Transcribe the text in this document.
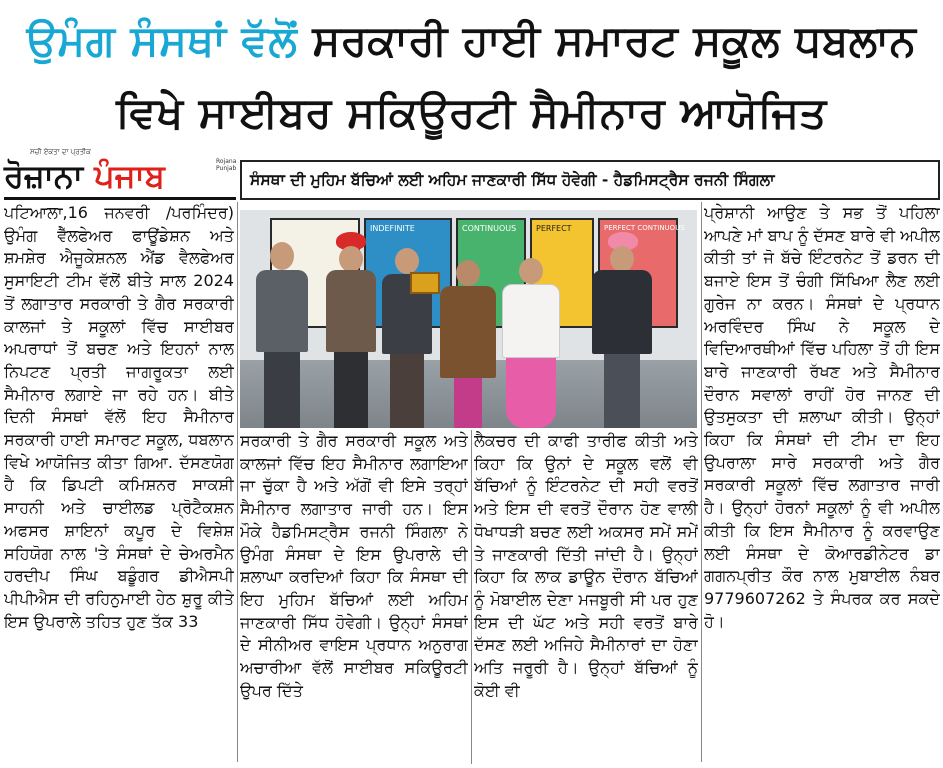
ਉਮੰਗ ਸੰਸਥਾਂ ਵੱਲੋਂ ਸਰਕਾਰੀ ਹਾਈ ਸਮਾਰਟ ਸਕੂਲ ਧਬਲਾਨ
ਵਿਖੇ ਸਾਈਬਰ ਸਕਿਊਰਟੀ ਸੈਮੀਨਾਰ ਆਯੋਜਿਤ
ਸਚੀ ਏਕਤਾ ਦਾ ਪ੍ਰਤੀਕ
ਰੋਜ਼ਾਨਾ ਪੰਜਾਬ	Rojana Punjab
ਸੰਸਥਾ ਦੀ ਮੁਹਿਮ ਬੱਚਿਆਂ ਲਈ ਅਹਿਮ ਜਾਣਕਾਰੀ ਸਿੱਧ ਹੋਵੇਗੀ - ਹੈਡਮਿਸਟ੍ਰੈਸ ਰਜਨੀ ਸਿੰਗਲਾ
INDEFINITE	CONTINUOUS PERFECT	PERFECT CONTINUOUS
ਪਟਿਆਲਾ,16 ਜਨਵਰੀ /ਪਰਮਿੰਦਰ) ਉਮੰਗ ਵੈੱਲਫੇਅਰ ਫਾਊਂਡੇਸ਼ਨ ਅਤੇ ਸ਼ਮਸ਼ੇਰ ਐਜੂਕੇਸ਼ਨਲ ਐਂਡ ਵੈਲਫੇਅਰ ਸੁਸਾਇਟੀ ਟੀਮ ਵੱਲੋਂ ਬੀਤੇ ਸਾਲ 2024 ਤੋਂ ਲਗਾਤਾਰ ਸਰਕਾਰੀ ਤੇ ਗੈਰ ਸਰਕਾਰੀ ਕਾਲਜਾਂ ਤੇ ਸਕੂਲਾਂ ਵਿੱਚ ਸਾਈਬਰ ਅਪਰਾਧਾਂ ਤੋਂ ਬਚਣ ਅਤੇ ਇਹਨਾਂ ਨਾਲ ਨਿਪਟਣ ਪ੍ਰਤੀ ਜਾਗਰੂਕਤਾ ਲਈ ਸੈਮੀਨਾਰ ਲਗਾਏ ਜਾ ਰਹੇ ਹਨ। ਬੀਤੇ ਦਿਨੀ ਸੰਸਥਾਂ ਵੱਲੋਂ ਇਹ ਸੈਮੀਨਾਰ ਸਰਕਾਰੀ ਹਾਈ ਸਮਾਰਟ ਸਕੂਲ, ਧਬਲਾਨ ਵਿਖੇ ਆਯੋਜਿਤ ਕੀਤਾ ਗਿਆ. ਦੱਸਣਯੋਗ ਹੈ ਕਿ ਡਿਪਟੀ ਕਮਿਸ਼ਨਰ ਸਾਕਸ਼ੀ ਸਾਹਨੀ ਅਤੇ ਚਾਈਲਡ ਪ੍ਰੋਟੈਕਸ਼ਨ ਅਫਸਰ ਸ਼ਾਇਨਾਂ ਕਪੂਰ ਦੇ ਵਿਸ਼ੇਸ਼ ਸਹਿਯੋਗ ਨਾਲ 'ਤੇ ਸੰਸਥਾਂ ਦੇ ਚੇਅਰਮੈਨ ਹਰਦੀਪ ਸਿੰਘ ਬਡੂੰਗਰ ਡੀਐਸਪੀ ਪੀਪੀਐਸ ਦੀ ਰਹਿਨੁਮਾਈ ਹੇਠ ਸ਼ੁਰੂ ਕੀਤੇ ਇਸ ਉਪਰਾਲੇ ਤਹਿਤ ਹੁਣ ਤੱਕ 33
ਸਰਕਾਰੀ ਤੇ ਗੈਰ ਸਰਕਾਰੀ ਸਕੂਲ ਅਤੇ ਕਾਲਜਾਂ ਵਿੱਚ ਇਹ ਸੈਮੀਨਾਰ ਲਗਾਇਆ ਜਾ ਚੁੱਕਾ ਹੈ ਅਤੇ ਅੱਗੋਂ ਵੀ ਇਸੇ ਤਰ੍ਹਾਂ ਸੈਮੀਨਾਰ ਲਗਾਤਾਰ ਜਾਰੀ ਹਨ। ਇਸ ਮੌਕੇ ਹੈਡਮਿਸਟ੍ਰੈਸ ਰਜਨੀ ਸਿੰਗਲਾ ਨੇ ਉਮੰਗ ਸੰਸਥਾ ਦੇ ਇਸ ਉਪਰਾਲੇ ਦੀ ਸ਼ਲਾਘਾ ਕਰਦਿਆਂ ਕਿਹਾ ਕਿ ਸੰਸਥਾ ਦੀ ਇਹ ਮੁਹਿਮ ਬੱਚਿਆਂ ਲਈ ਅਹਿਮ ਜਾਣਕਾਰੀ ਸਿੱਧ ਹੋਵੇਗੀ। ਉਨ੍ਹਾਂ ਸੰਸਥਾਂ ਦੇ ਸੀਨੀਅਰ ਵਾਇਸ ਪ੍ਰਧਾਨ ਅਨੁਰਾਗ ਅਚਾਰੀਆ ਵੱਲੋਂ ਸਾਈਬਰ ਸਕਿਊਰਟੀ ਉਪਰ ਦਿੱਤੇ
ਲੈਕਚਰ ਦੀ ਕਾਫੀ ਤਾਰੀਫ ਕੀਤੀ ਅਤੇ ਕਿਹਾ ਕਿ ਉਨਾਂ ਦੇ ਸਕੂਲ ਵਲੋਂ ਵੀ ਬੱਚਿਆਂ ਨੂੰ ਇੰਟਰਨੇਟ ਦੀ ਸਹੀ ਵਰਤੋਂ ਅਤੇ ਇਸ ਦੀ ਵਰਤੋਂ ਦੌਰਾਨ ਹੋਣ ਵਾਲੀ ਧੋਖਾਧੜੀ ਬਚਣ ਲਈ ਅਕਸਰ ਸਮੇਂ ਸਮੇਂ ਤੇ ਜਾਣਕਾਰੀ ਦਿੱਤੀ ਜਾਂਦੀ ਹੈ। ਉਨ੍ਹਾਂ ਕਿਹਾ ਕਿ ਲਾਕ ਡਾਊਨ ਦੌਰਾਨ ਬੱਚਿਆਂ ਨੂੰ ਮੋਬਾਈਲ ਦੇਣਾ ਮਜਬੂਰੀ ਸੀ ਪਰ ਹੁਣ ਇਸ ਦੀ ਘੱਟ ਅਤੇ ਸਹੀ ਵਰਤੋਂ ਬਾਰੇ ਦੱਸਣ ਲਈ ਅਜਿਹੇ ਸੈਮੀਨਾਰਾਂ ਦਾ ਹੋਣਾ ਅਤਿ ਜਰੂਰੀ ਹੈ। ਉਨ੍ਹਾਂ ਬੱਚਿਆਂ ਨੂੰ ਕੋਈ ਵੀ
ਪ੍ਰੇਸ਼ਾਨੀ ਆਉਣ ਤੇ ਸਭ ਤੋਂ ਪਹਿਲਾ ਆਪਣੇ ਮਾਂ ਬਾਪ ਨੂੰ ਦੱਸਣ ਬਾਰੇ ਵੀ ਅਪੀਲ ਕੀਤੀ ਤਾਂ ਜੋ ਬੱਚੇ ਇੰਟਰਨੇਟ ਤੋਂ ਡਰਨ ਦੀ ਬਜਾਏ ਇਸ ਤੋਂ ਚੰਗੀ ਸਿੱਖਿਆ ਲੈਣ ਲਈ ਗੁਰੇਜ ਨਾ ਕਰਨ। ਸੰਸਥਾਂ ਦੇ ਪ੍ਰਧਾਨ ਅਰਵਿੰਦਰ ਸਿੰਘ ਨੇ ਸਕੂਲ ਦੇ ਵਿਦਿਆਰਥੀਆਂ ਵਿੱਚ ਪਹਿਲਾ ਤੋਂ ਹੀ ਇਸ ਬਾਰੇ ਜਾਣਕਾਰੀ ਰੱਖਣ ਅਤੇ ਸੈਮੀਨਾਰ ਦੌਰਾਨ ਸਵਾਲਾਂ ਰਾਹੀਂ ਹੋਰ ਜਾਨਣ ਦੀ ਉਤਸੁਕਤਾ ਦੀ ਸ਼ਲਾਘਾ ਕੀਤੀ। ਉਨ੍ਹਾਂ ਕਿਹਾ ਕਿ ਸੰਸਥਾਂ ਦੀ ਟੀਮ ਦਾ ਇਹ ਉਪਰਾਲਾ ਸਾਰੇ ਸਰਕਾਰੀ ਅਤੇ ਗੈਰ ਸਰਕਾਰੀ ਸਕੂਲਾਂ ਵਿੱਚ ਲਗਾਤਾਰ ਜਾਰੀ ਹੈ। ਉਨ੍ਹਾਂ ਹੋਰਨਾਂ ਸਕੂਲਾਂ ਨੂੰ ਵੀ ਅਪੀਲ ਕੀਤੀ ਕਿ ਇਸ ਸੈਮੀਨਾਰ ਨੂੰ ਕਰਵਾਉਣ ਲਈ ਸੰਸਥਾ ਦੇ ਕੋਆਰਡੀਨੇਟਰ ਡਾ ਗਗਨਪ੍ਰੀਤ ਕੌਰ ਨਾਲ ਮੁਬਾਈਲ ਨੰਬਰ 9779607262 ਤੇ ਸੰਪਰਕ ਕਰ ਸਕਦੇ ਹੋ।
